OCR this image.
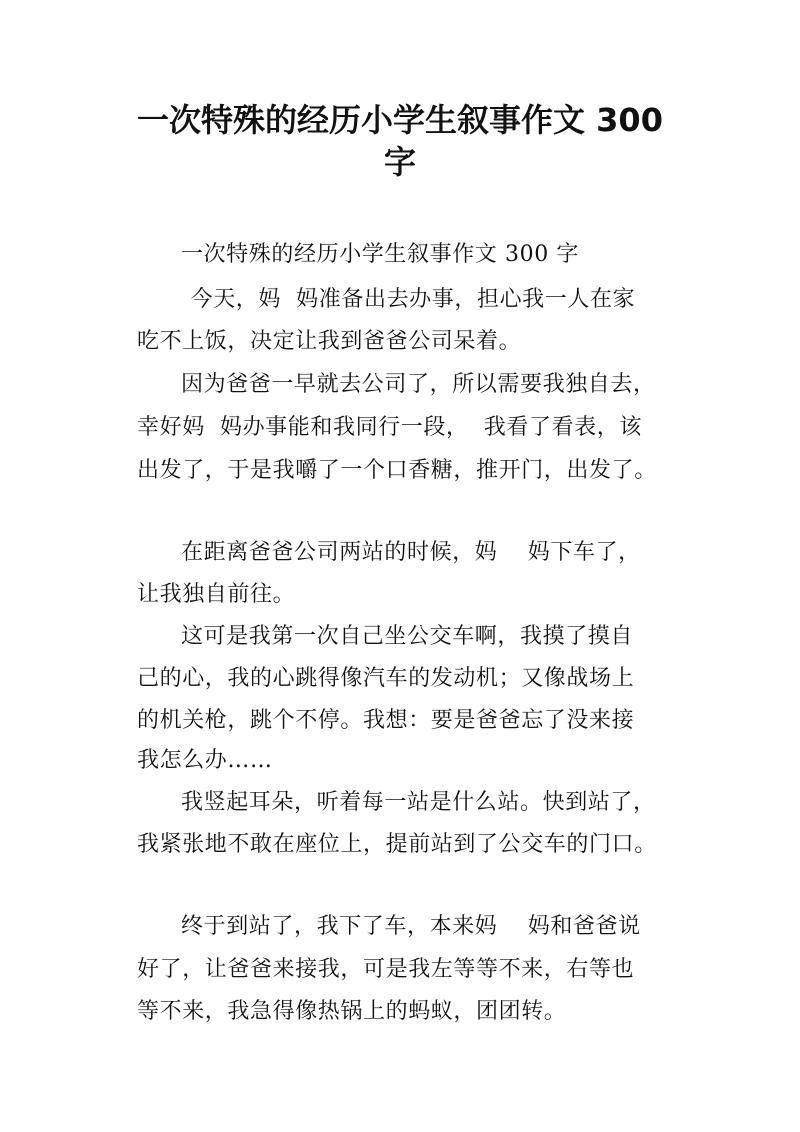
一次特殊的经历小学生叙事作文 300
字
一次特殊的经历小学生叙事作文 300 字
今天，妈  妈准备出去办事，担心我一人在家
吃不上饭，决定让我到爸爸公司呆着。
因为爸爸一早就去公司了，所以需要我独自去，
幸好妈  妈办事能和我同行一段，  我看了看表，该
出发了，于是我嚼了一个口香糖，推开门，出发了。
在距离爸爸公司两站的时候，妈    妈下车了，
让我独自前往。
这可是我第一次自己坐公交车啊，我摸了摸自
己的心，我的心跳得像汽车的发动机；又像战场上
的机关枪，跳个不停。我想：要是爸爸忘了没来接
我怎么办……
我竖起耳朵，听着每一站是什么站。快到站了，
我紧张地不敢在座位上，提前站到了公交车的门口。
终于到站了，我下了车，本来妈    妈和爸爸说
好了，让爸爸来接我，可是我左等等不来，右等也
等不来，我急得像热锅上的蚂蚁，团团转。
